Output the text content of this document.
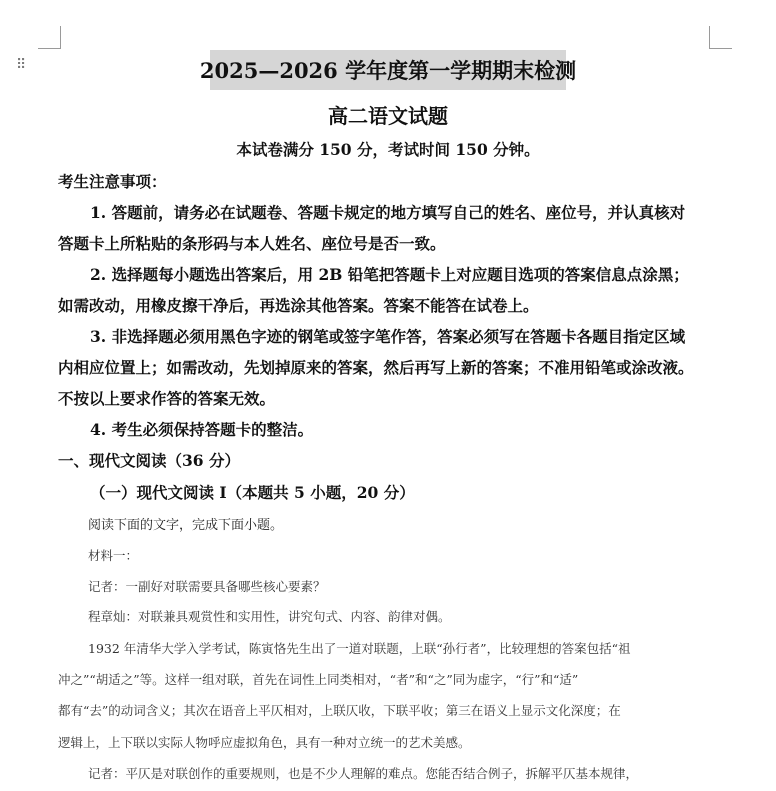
⠿	2025—2026 学年度第一学期期末检测
高二语文试题
本试卷满分 150 分，考试时间 150 分钟。
考生注意事项：
1. 答题前，请务必在试题卷、答题卡规定的地方填写自己的姓名、座位号，并认真核对
答题卡上所粘贴的条形码与本人姓名、座位号是否一致。
2. 选择题每小题选出答案后，用 2B 铅笔把答题卡上对应题目选项的答案信息点涂黑；
如需改动，用橡皮擦干净后，再选涂其他答案。答案不能答在试卷上。
3. 非选择题必须用黑色字迹的钢笔或签字笔作答，答案必须写在答题卡各题目指定区域
内相应位置上；如需改动，先划掉原来的答案，然后再写上新的答案；不准用铅笔或涂改液。
不按以上要求作答的答案无效。
4. 考生必须保持答题卡的整洁。
一、现代文阅读（36 分）
（一）现代文阅读 I（本题共 5 小题，20 分）
阅读下面的文字，完成下面小题。
材料一：
记者：一副好对联需要具备哪些核心要素？
程章灿：对联兼具观赏性和实用性，讲究句式、内容、韵律对偶。
1932 年清华大学入学考试，陈寅恪先生出了一道对联题，上联“孙行者”，比较理想的答案包括“祖
冲之”“胡适之”等。这样一组对联，首先在词性上同类相对，“者”和“之”同为虚字，“行”和“适”
都有“去”的动词含义；其次在语音上平仄相对，上联仄收，下联平收；第三在语义上显示文化深度；在
逻辑上，上下联以实际人物呼应虚拟角色，具有一种对立统一的艺术美感。
记者：平仄是对联创作的重要规则，也是不少人理解的难点。您能否结合例子，拆解平仄基本规律，
